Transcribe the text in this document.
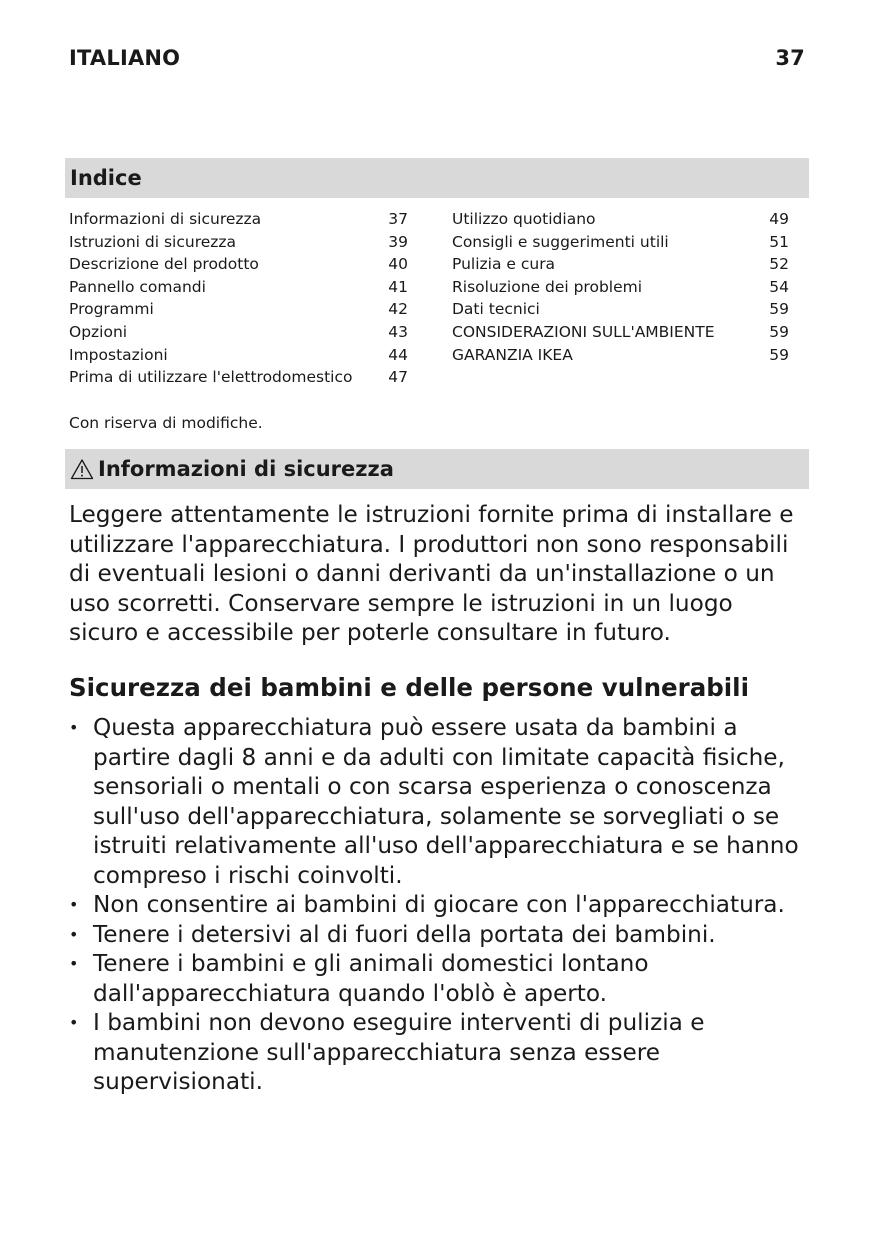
ITALIANO	37
Indice
Informazioni di sicurezza	37
Istruzioni di sicurezza	39
Descrizione del prodotto	40
Pannello comandi	41
Programmi	42
Opzioni	43
Impostazioni	44
Prima di utilizzare l'elettrodomestico 47
Utilizzo quotidiano	49
Consigli e suggerimenti utili	51
Pulizia e cura	52
Risoluzione dei problemi	54
Dati tecnici	59
CONSIDERAZIONI SULL'AMBIENTE	59
GARANZIA IKEA	59
Con riserva di modifiche.
Informazioni di sicurezza

Leggere attentamente le istruzioni fornite prima di installare e utilizzare l'apparecchiatura. I produttori non sono responsabili di eventuali lesioni o danni derivanti da un'installazione o un uso scorretti. Conservare sempre le istruzioni in un luogo sicuro e accessibile per poterle consultare in futuro.

Sicurezza dei bambini e delle persone vulnerabili
• Questa apparecchiatura può essere usata da bambini a partire dagli 8 anni e da adulti con limitate capacità fisiche, sensoriali o mentali o con scarsa esperienza o conoscenza sull'uso dell'apparecchiatura, solamente se sorvegliati o se istruiti relativamente all'uso dell'apparecchiatura e se hanno compreso i rischi coinvolti.
• Non consentire ai bambini di giocare con l'apparecchiatura.
• Tenere i detersivi al di fuori della portata dei bambini.
• Tenere i bambini e gli animali domestici lontano dall'apparecchiatura quando l'oblò è aperto.
• I bambini non devono eseguire interventi di pulizia e manutenzione sull'apparecchiatura senza essere supervisionati.
